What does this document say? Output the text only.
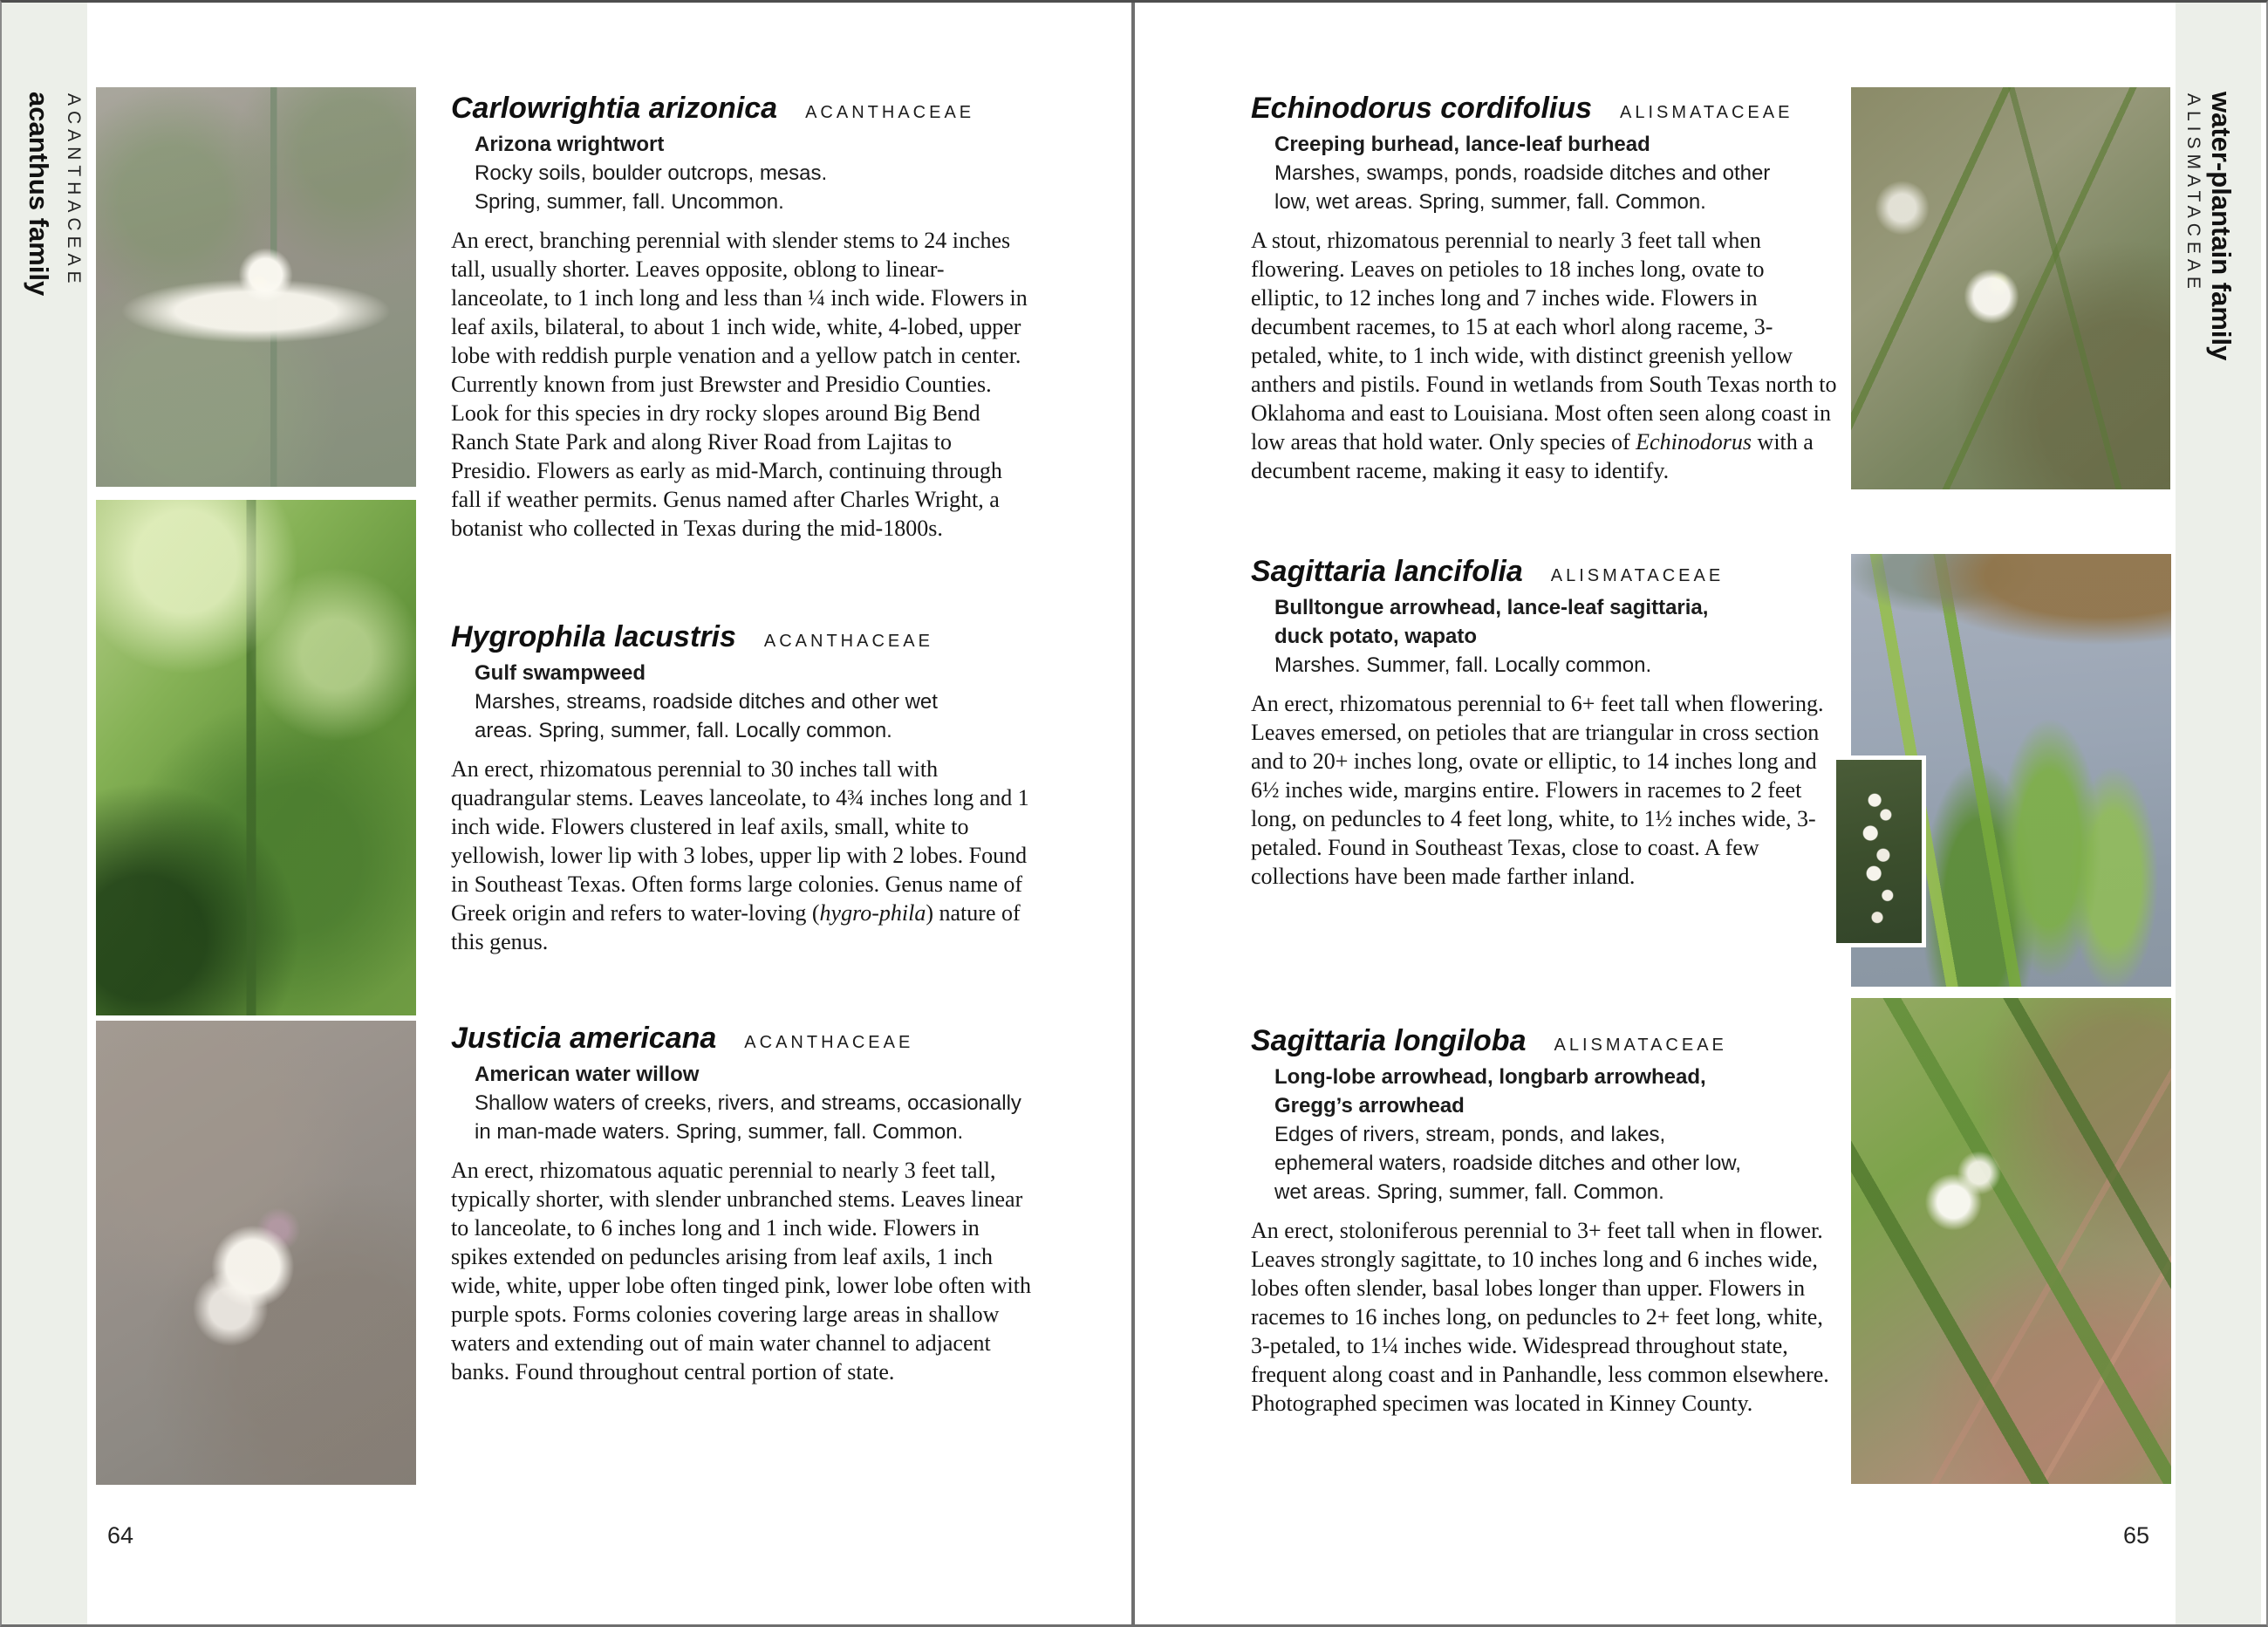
acanthus family ACANTHACEAE	ALISMATACEAE water-plantain family
Carlowrightia arizonica ACANTHACEAE
Arizona wrightwort
Rocky soils, boulder outcrops, mesas.
Spring, summer, fall. Uncommon.

An erect, branching perennial with slender stems to 24 inches tall, usually shorter. Leaves opposite, oblong to linear-lanceolate, to 1 inch long and less than ¼ inch wide. Flowers in leaf axils, bilateral, to about 1 inch wide, white, 4-lobed, upper lobe with reddish purple venation and a yellow patch in center. Currently known from just Brewster and Presidio Counties. Look for this species in dry rocky slopes around Big Bend Ranch State Park and along River Road from Lajitas to Presidio. Flowers as early as mid-March, continuing through fall if weather permits. Genus named after Charles Wright, a botanist who collected in Texas during the mid-1800s.

Hygrophila lacustris ACANTHACEAE
Gulf swampweed
Marshes, streams, roadside ditches and other wet
areas. Spring, summer, fall. Locally common.

An erect, rhizomatous perennial to 30 inches tall with quadrangular stems. Leaves lanceolate, to 4¾ inches long and 1 inch wide. Flowers clustered in leaf axils, small, white to yellowish, lower lip with 3 lobes, upper lip with 2 lobes. Found in Southeast Texas. Often forms large colonies. Genus name of Greek origin and refers to water-loving (hygro-phila) nature of this genus.

Justicia americana ACANTHACEAE
American water willow
Shallow waters of creeks, rivers, and streams, occasionally
in man-made waters. Spring, summer, fall. Common.

An erect, rhizomatous aquatic perennial to nearly 3 feet tall, typically shorter, with slender unbranched stems. Leaves linear to lanceolate, to 6 inches long and 1 inch wide. Flowers in spikes extended on peduncles arising from leaf axils, 1 inch wide, white, upper lobe often tinged pink, lower lobe often with purple spots. Forms colonies covering large areas in shallow waters and extending out of main water channel to adjacent banks. Found throughout central portion of state.

Echinodorus cordifolius ALISMATACEAE
Creeping burhead, lance-leaf burhead
Marshes, swamps, ponds, roadside ditches and other
low, wet areas. Spring, summer, fall. Common.

A stout, rhizomatous perennial to nearly 3 feet tall when flowering. Leaves on petioles to 18 inches long, ovate to elliptic, to 12 inches long and 7 inches wide. Flowers in decumbent racemes, to 15 at each whorl along raceme, 3-petaled, white, to 1 inch wide, with distinct greenish yellow anthers and pistils. Found in wetlands from South Texas north to Oklahoma and east to Louisiana. Most often seen along coast in low areas that hold water. Only species of Echinodorus with a decumbent raceme, making it easy to identify.

Sagittaria lancifolia ALISMATACEAE
Bulltongue arrowhead, lance-leaf sagittaria,
duck potato, wapato
Marshes. Summer, fall. Locally common.

An erect, rhizomatous perennial to 6+ feet tall when flowering. Leaves emersed, on petioles that are triangular in cross section and to 20+ inches long, ovate or elliptic, to 14 inches long and 6½ inches wide, margins entire. Flowers in racemes to 2 feet long, on peduncles to 4 feet long, white, to 1½ inches wide, 3-petaled. Found in Southeast Texas, close to coast. A few collections have been made farther inland.

Sagittaria longiloba ALISMATACEAE
Long-lobe arrowhead, longbarb arrowhead,
Gregg’s arrowhead
Edges of rivers, stream, ponds, and lakes,
ephemeral waters, roadside ditches and other low,
wet areas. Spring, summer, fall. Common.

An erect, stoloniferous perennial to 3+ feet tall when in flower. Leaves strongly sagittate, to 10 inches long and 6 inches wide, lobes often slender, basal lobes longer than upper. Flowers in racemes to 16 inches long, on peduncles to 2+ feet long, white, 3-petaled, to 1¼ inches wide. Widespread throughout state, frequent along coast and in Panhandle, less common elsewhere. Photographed specimen was located in Kinney County.

64	65
